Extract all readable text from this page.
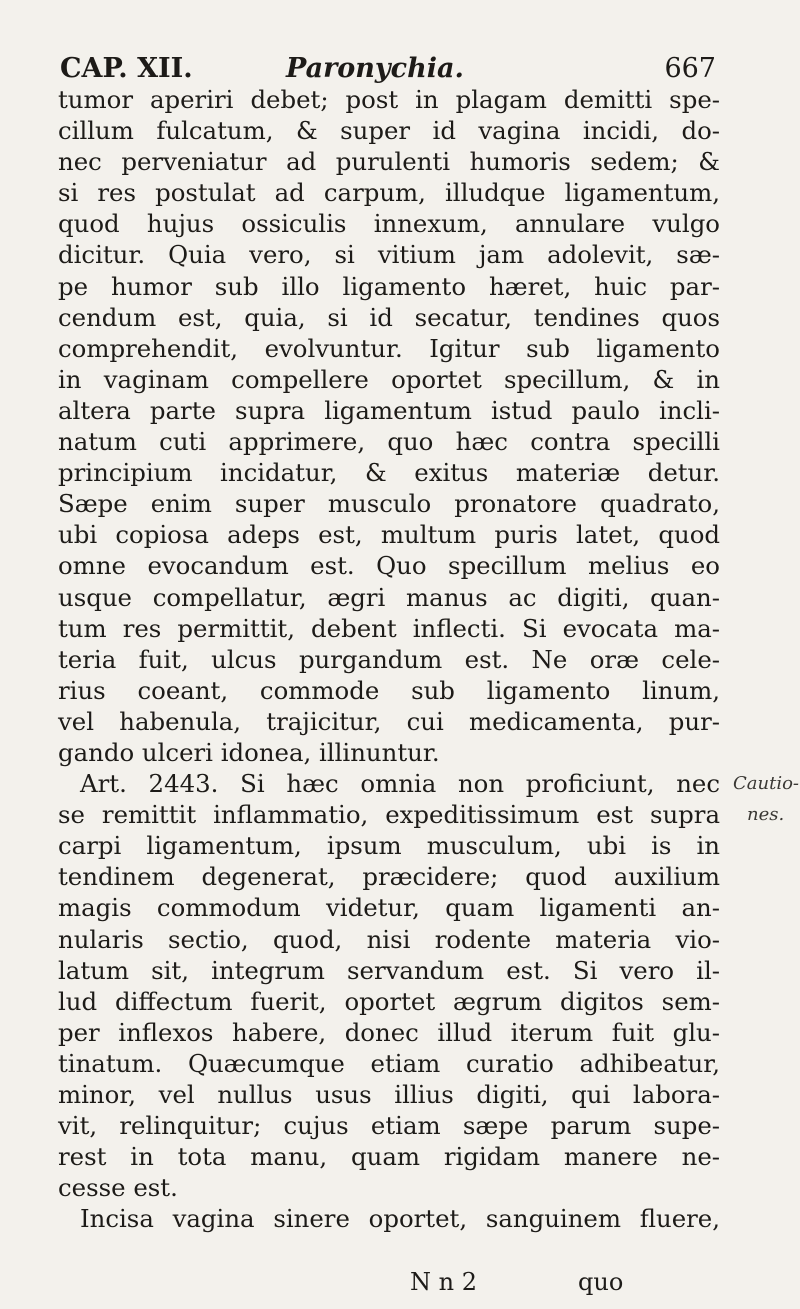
CAP. XII.	Paronychia.	667
tumor aperiri debet; post in plagam demitti spe-
cillum fulcatum, & super id vagina incidi, do-
nec perveniatur ad purulenti humoris sedem; &
si res postulat ad carpum, illudque ligamentum,
quod hujus ossiculis innexum, annulare vulgo
dicitur. Quia vero, si vitium jam adolevit, sæ-
pe humor sub illo ligamento hæret, huic par-
cendum est, quia, si id secatur, tendines quos
comprehendit, evolvuntur. Igitur sub ligamento
in vaginam compellere oportet specillum, & in
altera parte supra ligamentum istud paulo incli-
natum cuti apprimere, quo hæc contra specilli
principium incidatur, & exitus materiæ detur.
Sæpe enim super musculo pronatore quadrato,
ubi copiosa adeps est, multum puris latet, quod
omne evocandum est. Quo specillum melius eo
usque compellatur, ægri manus ac digiti, quan-
tum res permittit, debent inflecti. Si evocata ma-
teria fuit, ulcus purgandum est. Ne oræ cele-
rius coeant, commode sub ligamento linum,
vel habenula, trajicitur, cui medicamenta, pur-
gando ulceri idonea, illinuntur.
Art. 2443. Si hæc omnia non proficiunt, nec
se remittit inflammatio, expeditissimum est supra
carpi ligamentum, ipsum musculum, ubi is in
tendinem degenerat, præcidere; quod auxilium
magis commodum videtur, quam ligamenti an-
nularis sectio, quod, nisi rodente materia vio-
latum sit, integrum servandum est. Si vero il-
lud diffectum fuerit, oportet ægrum digitos sem-
per inflexos habere, donec illud iterum fuit glu-
tinatum. Quæcumque etiam curatio adhibeatur,
minor, vel nullus usus illius digiti, qui labora-
vit, relinquitur; cujus etiam sæpe parum supe-
rest in tota manu, quam rigidam manere ne-
cesse est.
Incisa vagina sinere oportet, sanguinem fluere,
Cautio-
nes.
N n 2	quo
